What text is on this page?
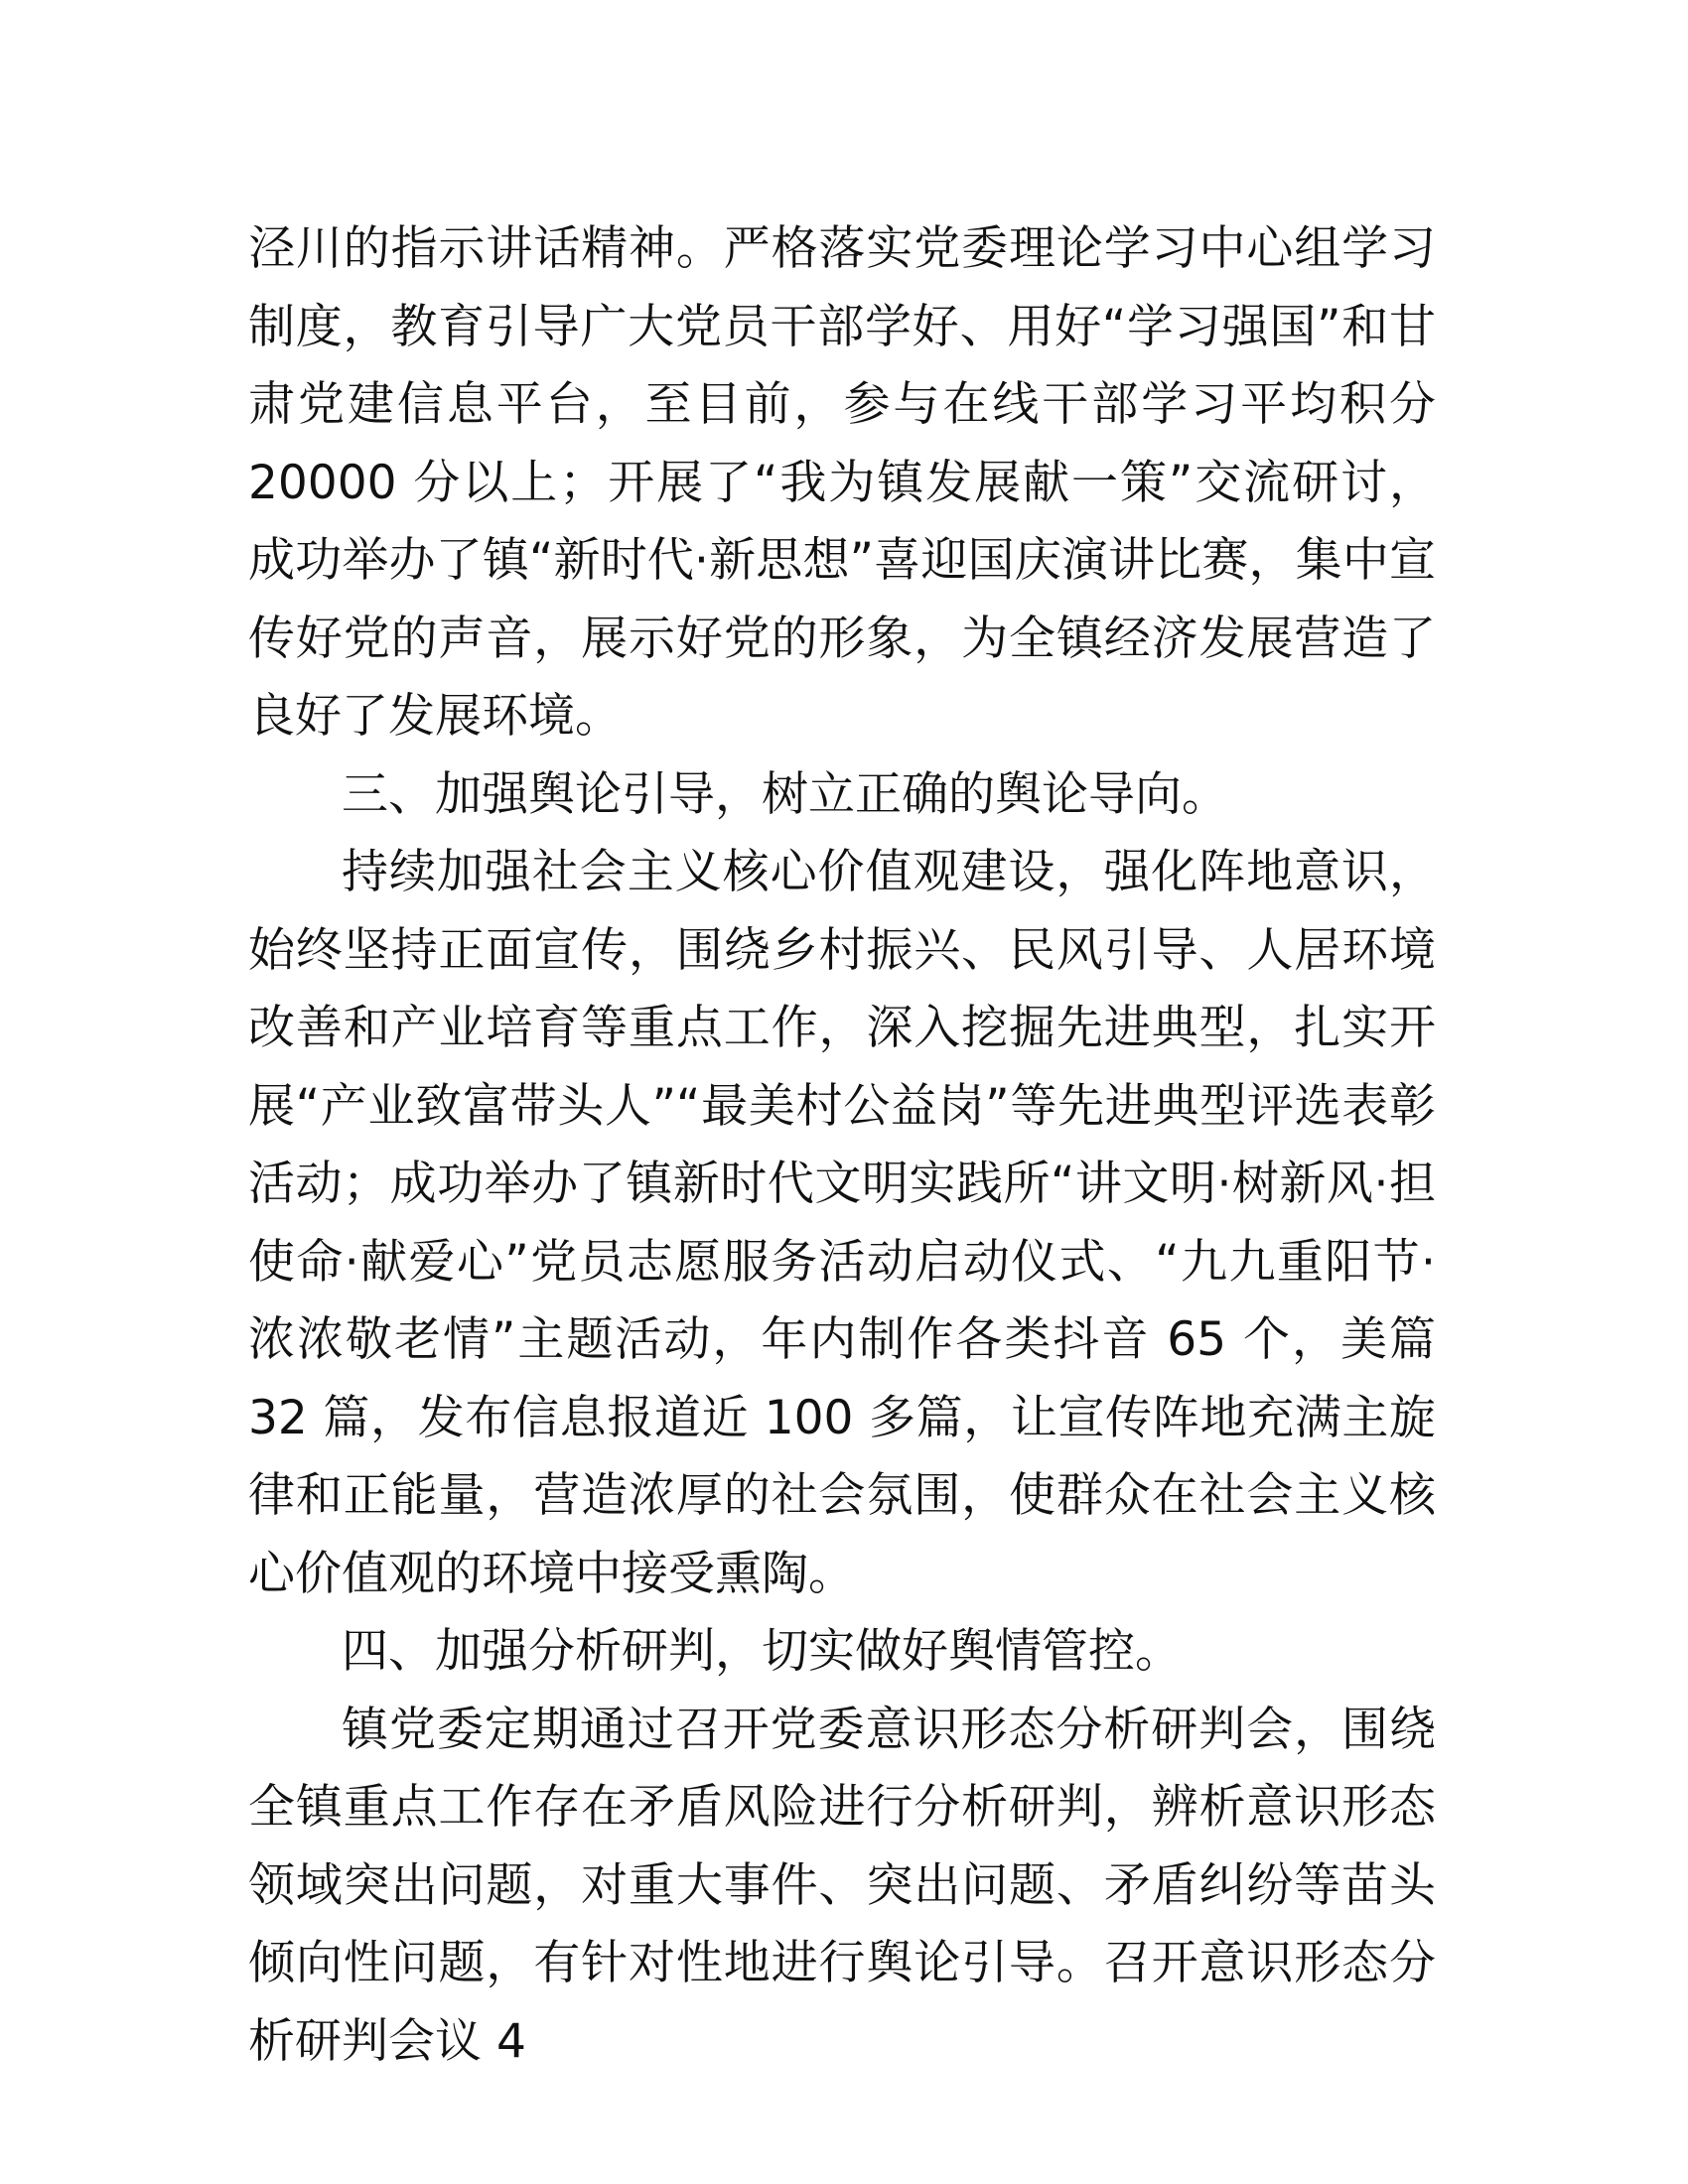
泾川的指示讲话精神。严格落实党委理论学习中心组学习制度，教育引导广大党员干部学好、用好“学习强国”和甘肃党建信息平台，至目前，参与在线干部学习平均积分 20000 分以上；开展了“我为镇发展献一策”交流研讨，成功举办了镇“新时代·新思想”喜迎国庆演讲比赛，集中宣传好党的声音，展示好党的形象，为全镇经济发展营造了良好了发展环境。

三、加强舆论引导，树立正确的舆论导向。

持续加强社会主义核心价值观建设，强化阵地意识，始终坚持正面宣传，围绕乡村振兴、民风引导、人居环境改善和产业培育等重点工作，深入挖掘先进典型，扎实开展“产业致富带头人”“最美村公益岗”等先进典型评选表彰活动；成功举办了镇新时代文明实践所“讲文明·树新风·担使命·献爱心”党员志愿服务活动启动仪式、“九九重阳节·浓浓敬老情”主题活动，年内制作各类抖音 65 个，美篇 32 篇，发布信息报道近 100 多篇，让宣传阵地充满主旋律和正能量，营造浓厚的社会氛围，使群众在社会主义核心价值观的环境中接受熏陶。

四、加强分析研判，切实做好舆情管控。

镇党委定期通过召开党委意识形态分析研判会，围绕全镇重点工作存在矛盾风险进行分析研判，辨析意识形态领域突出问题，对重大事件、突出问题、矛盾纠纷等苗头倾向性问题，有针对性地进行舆论引导。召开意识形态分析研判会议 4
